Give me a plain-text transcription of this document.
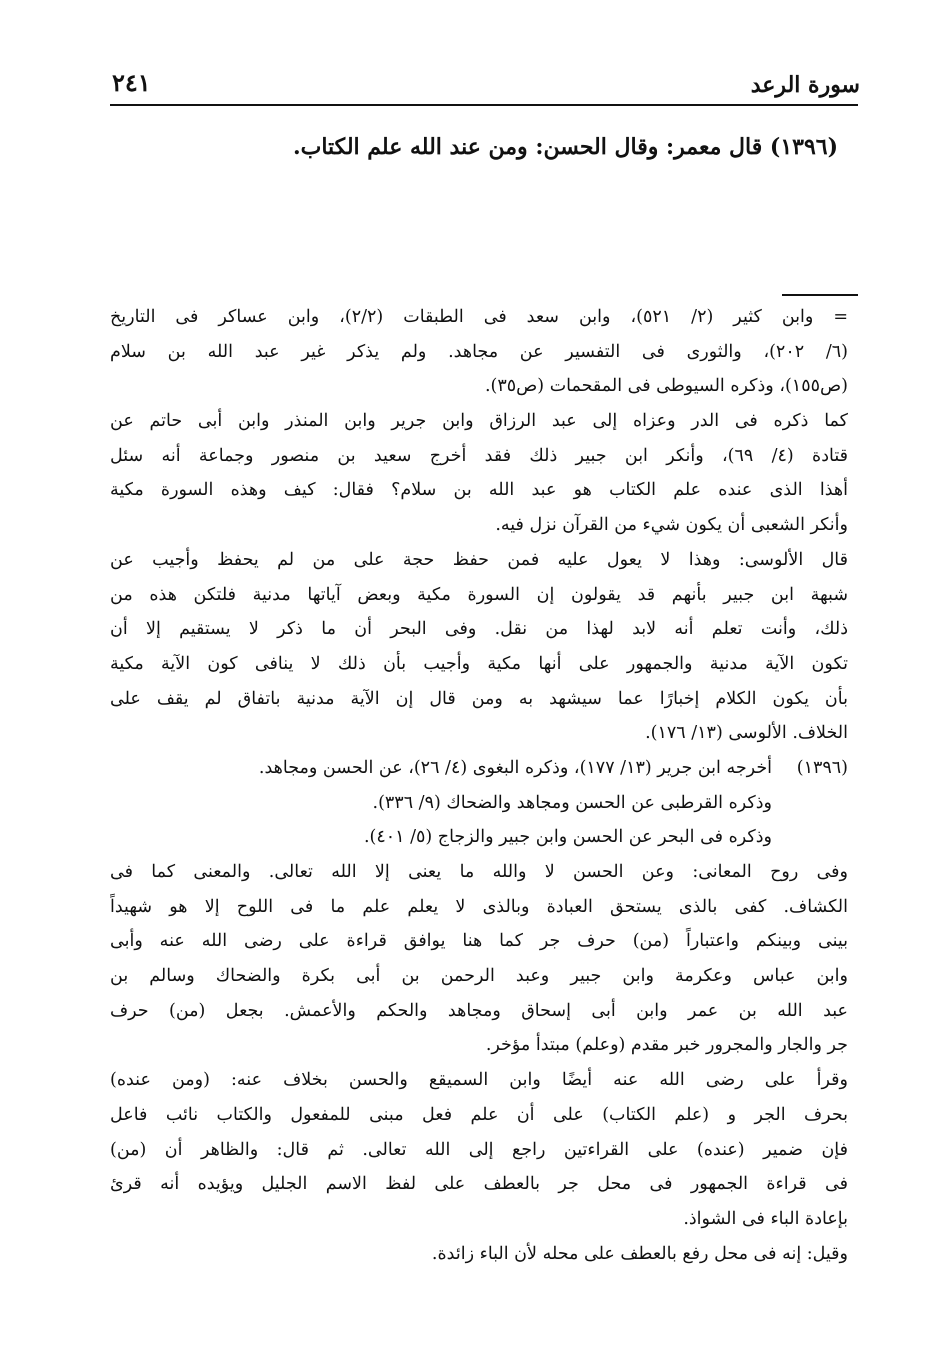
سورة الرعد
٢٤١
(١٣٩٦) قال معمر: وقال الحسن: ومن عند الله علم الكتاب.
= وابن كثير (٢/ ٥٢١)، وابن سعد فى الطبقات (٢/٢)، وابن عساكر فى التاريخ
(٦/ ٢٠٢)، والثورى فى التفسير عن مجاهد. ولم يذكر غير عبد الله بن سلام
(ص١٥٥)، وذكره السيوطى فى المقحمات (ص٣٥).
كما ذكره فى الدر وعزاه إلى عبد الرزاق وابن جرير وابن المنذر وابن أبى حاتم عن
قتادة (٤/ ٦٩)، وأنكر ابن جبير ذلك فقد أخرج سعيد بن منصور وجماعة أنه سئل
أهذا الذى عنده علم الكتاب هو عبد الله بن سلام؟ فقال: كيف وهذه السورة مكية
وأنكر الشعبى أن يكون شيء من القرآن نزل فيه.
قال الألوسى: وهذا لا يعول عليه فمن حفظ حجة على من لم يحفظ وأجيب عن
شبهة ابن جبير بأنهم قد يقولون إن السورة مكية وبعض آياتها مدنية فلتكن هذه من
ذلك، وأنت تعلم أنه لابد لهذا من نقل. وفى البحر أن ما ذكر لا يستقيم إلا أن
تكون الآية مدنية والجمهور على أنها مكية وأجيب بأن ذلك لا ينافى كون الآية مكية
بأن يكون الكلام إخبارًا عما سيشهد به ومن قال إن الآية مدنية باتفاق لم يقف على
الخلاف. الألوسى (١٣/ ١٧٦).
(١٣٩٦)
أخرجه ابن جرير (١٣/ ١٧٧)، وذكره البغوى (٤/ ٢٦)، عن الحسن ومجاهد.
وذكره القرطبى عن الحسن ومجاهد والضحاك (٩/ ٣٣٦).
وذكره فى البحر عن الحسن وابن جبير والزجاج (٥/ ٤٠١).
وفى روح المعانى: وعن الحسن لا والله ما يعنى إلا الله تعالى. والمعنى كما فى
الكشاف. كفى بالذى يستحق العبادة وبالذى لا يعلم علم ما فى اللوح إلا هو شهيداً
بينى وبينكم واعتباراً (من) حرف جر كما هنا يوافق قراءة على رضى الله عنه وأبى
وابن عباس وعكرمة وابن جبير وعبد الرحمن بن أبى بكرة والضحاك وسالم بن
عبد الله بن عمر وابن أبى إسحاق ومجاهد والحكم والأعمش. بجعل (من) حرف
جر والجار والمجرور خبر مقدم (وعلم) مبتدأ مؤخر.
وقرأ على رضى الله عنه أيضًا وابن السميقع والحسن بخلاف عنه: (ومن عنده)
بحرف الجر و (علم الكتاب) على أن علم فعل مبنى للمفعول والكتاب نائب فاعل
فإن ضمير (عنده) على القراءتين راجع إلى الله تعالى. ثم قال: والظاهر أن (من)
فى قراءة الجمهور فى محل جر بالعطف على لفظ الاسم الجليل ويؤيده أنه قرئ
بإعادة الباء فى الشواذ.
وقيل: إنه فى محل رفع بالعطف على محله لأن الباء زائدة.
